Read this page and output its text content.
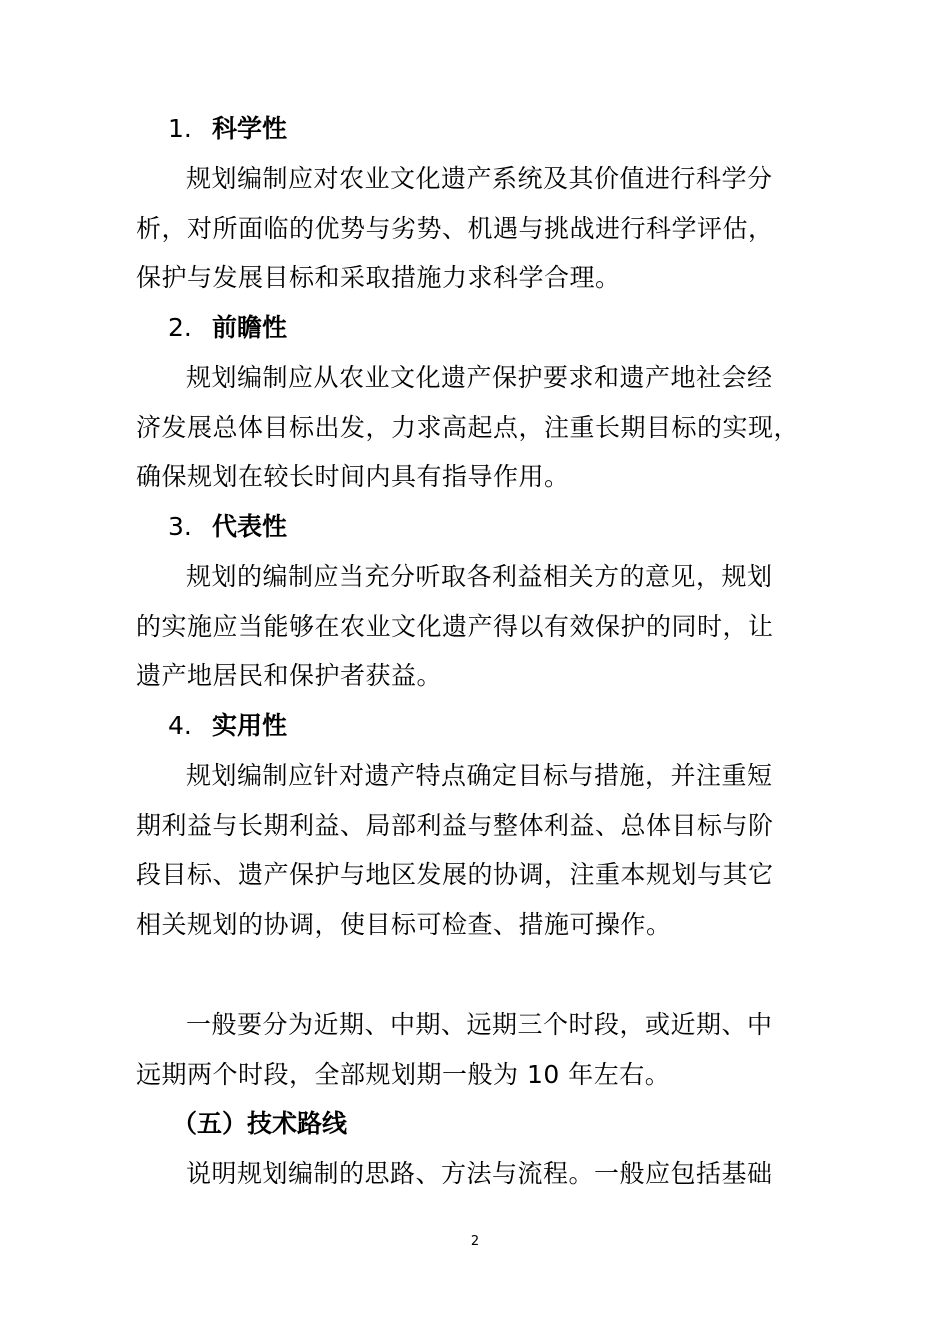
1. 科学性
规划编制应对农业文化遗产系统及其价值进行科学分
析，对所面临的优势与劣势、机遇与挑战进行科学评估，
保护与发展目标和采取措施力求科学合理。
2. 前瞻性
规划编制应从农业文化遗产保护要求和遗产地社会经
济发展总体目标出发，力求高起点，注重长期目标的实现，
确保规划在较长时间内具有指导作用。
3. 代表性
规划的编制应当充分听取各利益相关方的意见，规划
的实施应当能够在农业文化遗产得以有效保护的同时，让
遗产地居民和保护者获益。
4. 实用性
规划编制应针对遗产特点确定目标与措施，并注重短
期利益与长期利益、局部利益与整体利益、总体目标与阶
段目标、遗产保护与地区发展的协调，注重本规划与其它
相关规划的协调，使目标可检查、措施可操作。
一般要分为近期、中期、远期三个时段，或近期、中
远期两个时段，全部规划期一般为 10 年左右。
（五）技术路线
说明规划编制的思路、方法与流程。一般应包括基础
2
